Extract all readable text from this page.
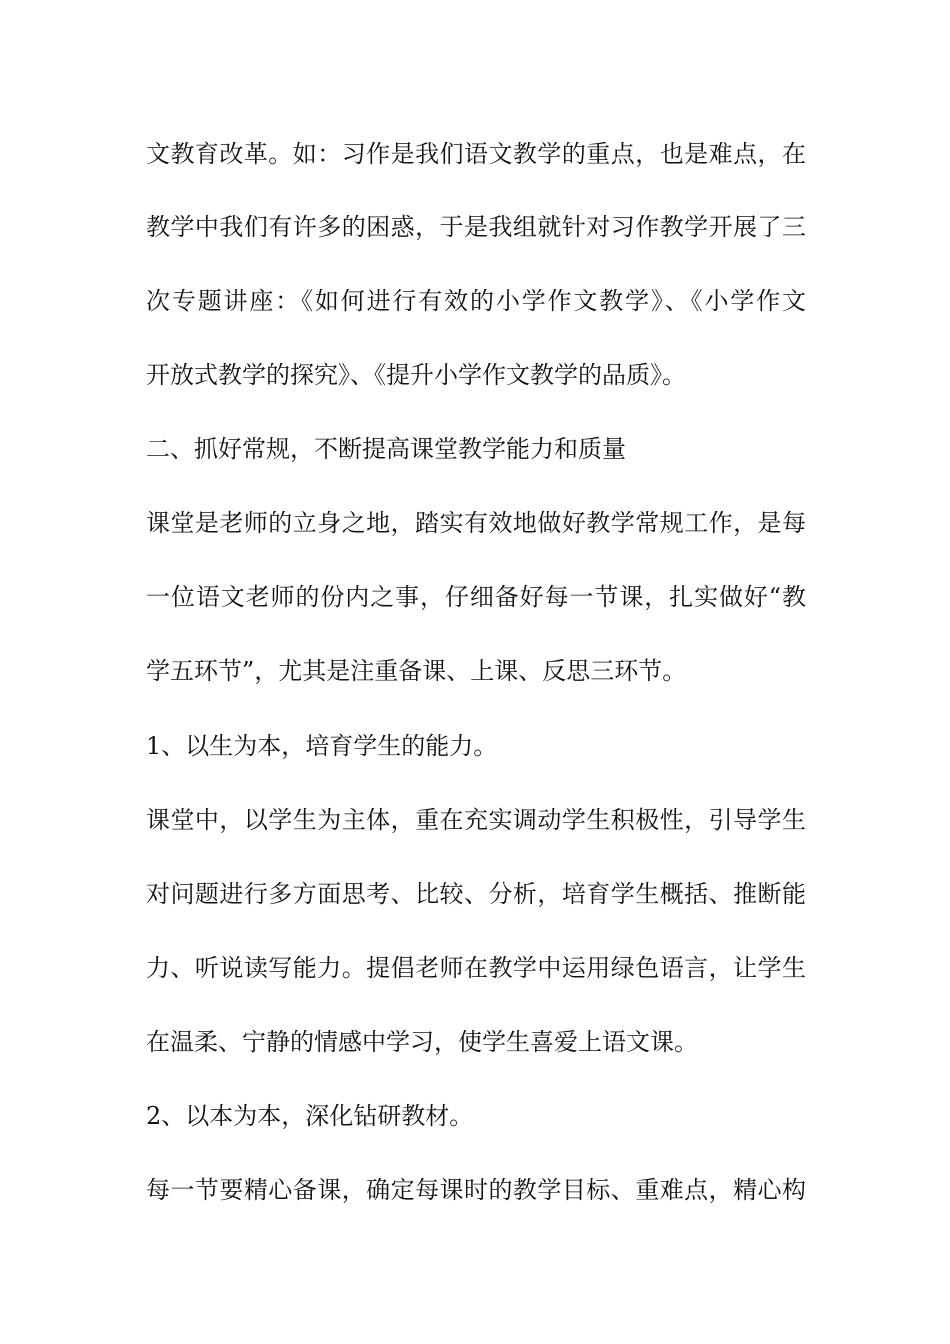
文教育改革。如：习作是我们语文教学的重点，也是难点，在
教学中我们有许多的困惑，于是我组就针对习作教学开展了三
次专题讲座：《如何进行有效的小学作文教学》、《小学作文
开放式教学的探究》、《提升小学作文教学的品质》。
二、抓好常规，不断提高课堂教学能力和质量
课堂是老师的立身之地，踏实有效地做好教学常规工作，是每
一位语文老师的份内之事，仔细备好每一节课，扎实做好“教
学五环节”，尤其是注重备课、上课、反思三环节。
1、以生为本，培育学生的能力。
课堂中，以学生为主体，重在充实调动学生积极性，引导学生
对问题进行多方面思考、比较、分析，培育学生概括、推断能
力、听说读写能力。提倡老师在教学中运用绿色语言，让学生
在温柔、宁静的情感中学习，使学生喜爱上语文课。
2、以本为本，深化钻研教材。
每一节要精心备课，确定每课时的教学目标、重难点，精心构
